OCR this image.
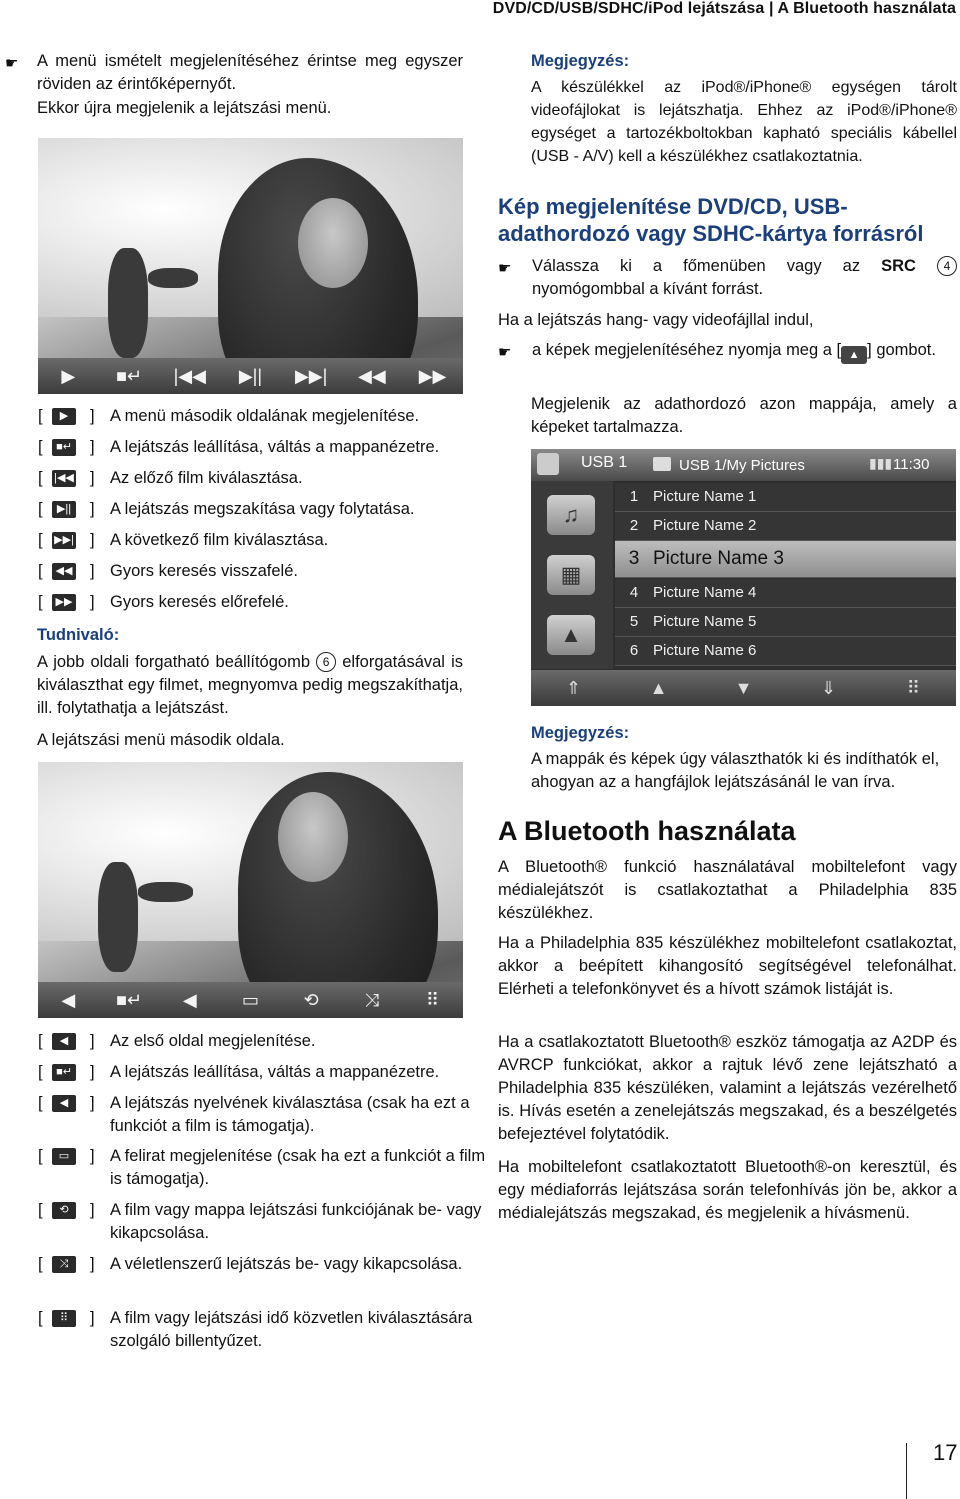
DVD/CD/USB/SDHC/iPod lejátszása | A Bluetooth használata
☛	A menü ismételt megjelenítéséhez érintse meg egyszer röviden az érintőképernyőt.
Ekkor újra megjelenik a lejátszási menü.
▶	■↵	|◀◀	▶||	▶▶|	◀◀	▶▶
[	▶	] A menü második oldalának megjelenítése.
[	■↵ ] A lejátszás leállítása, váltás a mappanézetre.
[ |◀◀ ] Az előző film kiválasztása.
[	▶|| ] A lejátszás megszakítása vagy folytatása.
[ ▶▶| ] A következő film kiválasztása.
[	◀◀ ] Gyors keresés visszafelé.
[	▶▶ ] Gyors keresés előrefelé.
Tudnivaló:
A jobb oldali forgatható beállítógomb 6 elforgatásával is kiválaszthat egy filmet, megnyomva pedig megszakíthatja, ill. folytathatja a lejátszást.
A lejátszási menü második oldala.
◀	■↵	◀	▭	⟲	⤨	⠿
[	◀	] Az első oldal megjelenítése.
[	■↵ ] A lejátszás leállítása, váltás a mappanézetre.
[	◀	] A lejátszás nyelvének kiválasztása (csak ha ezt a funkciót a film is támogatja).
[	▭	] A felirat megjelenítése (csak ha ezt a funkciót a film is támogatja).
[	⟲	] A film vagy mappa lejátszási funkciójának be- vagy kikapcsolása.
[	⤨	] A véletlenszerű lejátszás be- vagy kikapcsolása.
[	⠿	] A film vagy lejátszási idő közvetlen kiválasztására szolgáló billentyűzet.
Megjegyzés:
A készülékkel az iPod®/iPhone® egységen tárolt videofájlokat is lejátszhatja. Ehhez az iPod®/iPhone® egységet a tartozékboltokban kapható speciális kábellel (USB - A/V) kell a készülékhez csatlakoztatnia.
Kép megjelenítése DVD/CD, USB-
adathordozó vagy SDHC-kártya forrásról
☛	Válassza ki a főmenüben vagy az SRC 4 nyomógombbal a kívánt forrást.
Ha a lejátszás hang- vagy videofájllal indul,
☛	a képek megjelenítéséhez nyomja meg a [ ▲ ] gombot.
Megjelenik az adathordozó azon mappája, amely a képeket tartalmazza.
USB 1	USB 1/My Pictures	▮▮▮ 11:30
♫
▦
▲
1 Picture Name 1
2 Picture Name 2
3 Picture Name 3
4 Picture Name 4
5 Picture Name 5
6 Picture Name 6
⇑	▲	▼	⇓	⠿
Megjegyzés:
A mappák és képek úgy választhatók ki és indíthatók el, ahogyan az a hangfájlok lejátszásánál le van írva.
A Bluetooth használata
A Bluetooth® funkció használatával mobiltelefont vagy médialejátszót is csatlakoztathat a Philadelphia 835 készülékhez.
Ha a Philadelphia 835 készülékhez mobiltelefont csatlakoztat, akkor a beépített kihangosító segítségével telefonálhat. Elérheti a telefonkönyvet és a hívott számok listáját is.
Ha a csatlakoztatott Bluetooth® eszköz támogatja az A2DP és AVRCP funkciókat, akkor a rajtuk lévő zene lejátszható a Philadelphia 835 készüléken, valamint a lejátszás vezérelhető is. Hívás esetén a zenelejátszás megszakad, és a beszélgetés befejeztével folytatódik.
Ha mobiltelefont csatlakoztatott Bluetooth®-on keresztül, és egy médiaforrás lejátszása során telefonhívás jön be, akkor a médialejátszás megszakad, és megjelenik a hívásmenü.
17
